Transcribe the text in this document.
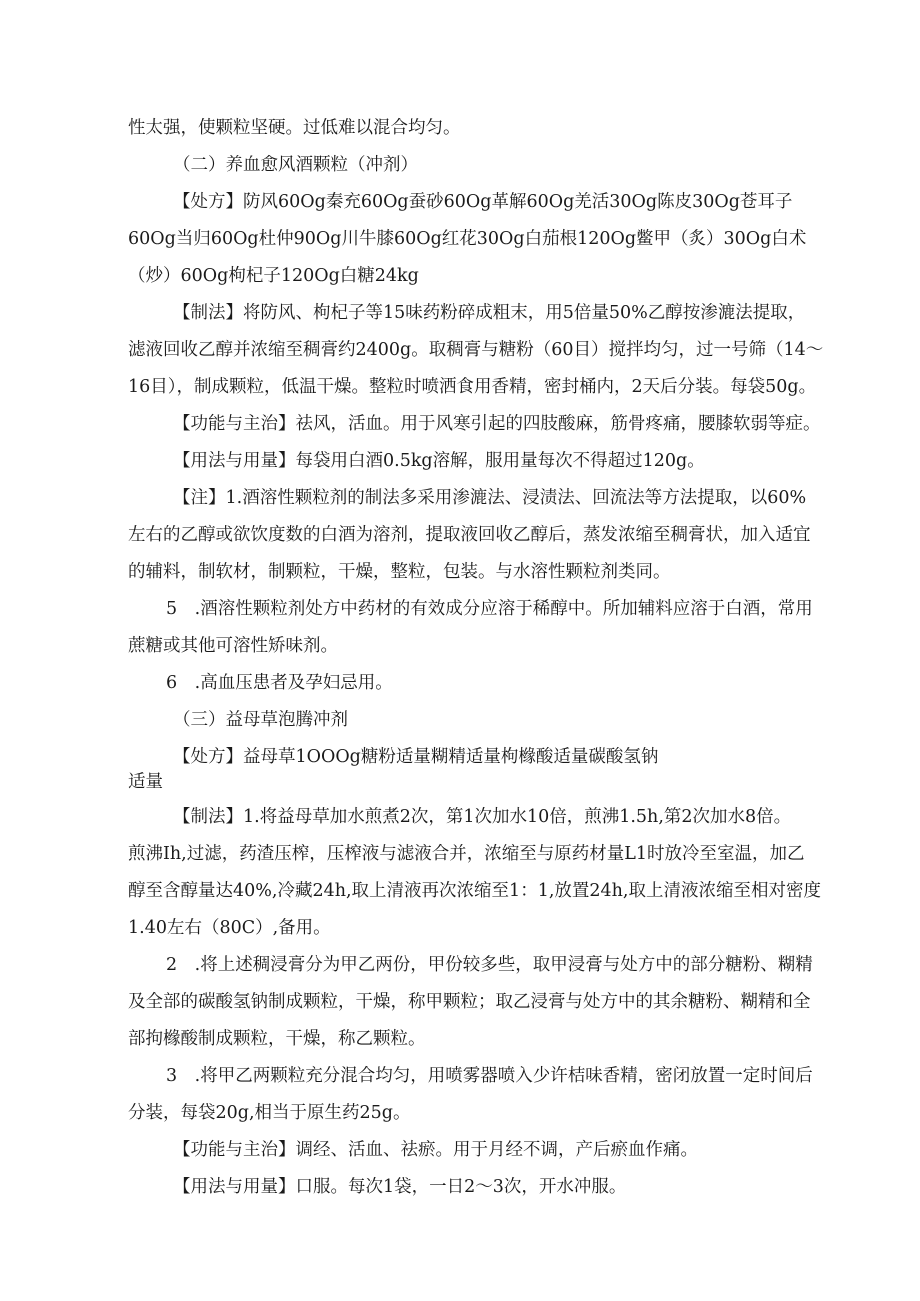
性太强，使颗粒坚硬。过低难以混合均匀。
（二）养血愈风酒颗粒（冲剂）
【处方】防风60Og秦充60Og蚕砂60Og革解60Og羌活30Og陈皮30Og苍耳子
60Og当归60Og杜仲90Og川牛膝60Og红花30Og白茄根120Og鳖甲（炙）30Og白术
（炒）60Og枸杞子120Og白糖24kg
【制法】将防风、枸杞子等15味药粉碎成粗末，用5倍量50%乙醇按渗漉法提取，
滤液回收乙醇并浓缩至稠膏约2400g。取稠膏与糖粉（60目）搅拌均匀，过一号筛（14～
16目），制成颗粒，低温干燥。整粒时喷洒食用香精，密封桶内，2天后分装。每袋50g。
【功能与主治】祛风，活血。用于风寒引起的四肢酸麻，筋骨疼痛，腰膝软弱等症。
【用法与用量】每袋用白酒0.5kg溶解，服用量每次不得超过120g。
【注】1.酒溶性颗粒剂的制法多采用渗漉法、浸渍法、回流法等方法提取，以60%
左右的乙醇或欲饮度数的白酒为溶剂，提取液回收乙醇后，蒸发浓缩至稠膏状，加入适宜
的辅料，制软材，制颗粒，干燥，整粒，包装。与水溶性颗粒剂类同。
5　.酒溶性颗粒剂处方中药材的有效成分应溶于稀醇中。所加辅料应溶于白酒，常用
蔗糖或其他可溶性矫味剂。
6　.高血压患者及孕妇忌用。
（三）益母草泡腾冲剂
【处方】益母草1OOOg糖粉适量糊精适量枸橼酸适量碳酸氢钠
适量
【制法】1.将益母草加水煎煮2次，第1次加水10倍，煎沸1.5h,第2次加水8倍。
煎沸Ih,过滤，药渣压榨，压榨液与滤液合并，浓缩至与原药材量L1时放冷至室温，加乙
醇至含醇量达40%,冷藏24h,取上清液再次浓缩至1：1,放置24h,取上清液浓缩至相对密度
1.40左右（80C）,备用。
2　.将上述稠浸膏分为甲乙两份，甲份较多些，取甲浸膏与处方中的部分糖粉、糊精
及全部的碳酸氢钠制成颗粒，干燥，称甲颗粒；取乙浸膏与处方中的其余糖粉、糊精和全
部拘橼酸制成颗粒，干燥，称乙颗粒。
3　.将甲乙两颗粒充分混合均匀，用喷雾器喷入少许桔味香精，密闭放置一定时间后
分装，每袋20g,相当于原生药25g。
【功能与主治】调经、活血、祛瘀。用于月经不调，产后瘀血作痛。
【用法与用量】口服。每次1袋，一日2～3次，开水冲服。
